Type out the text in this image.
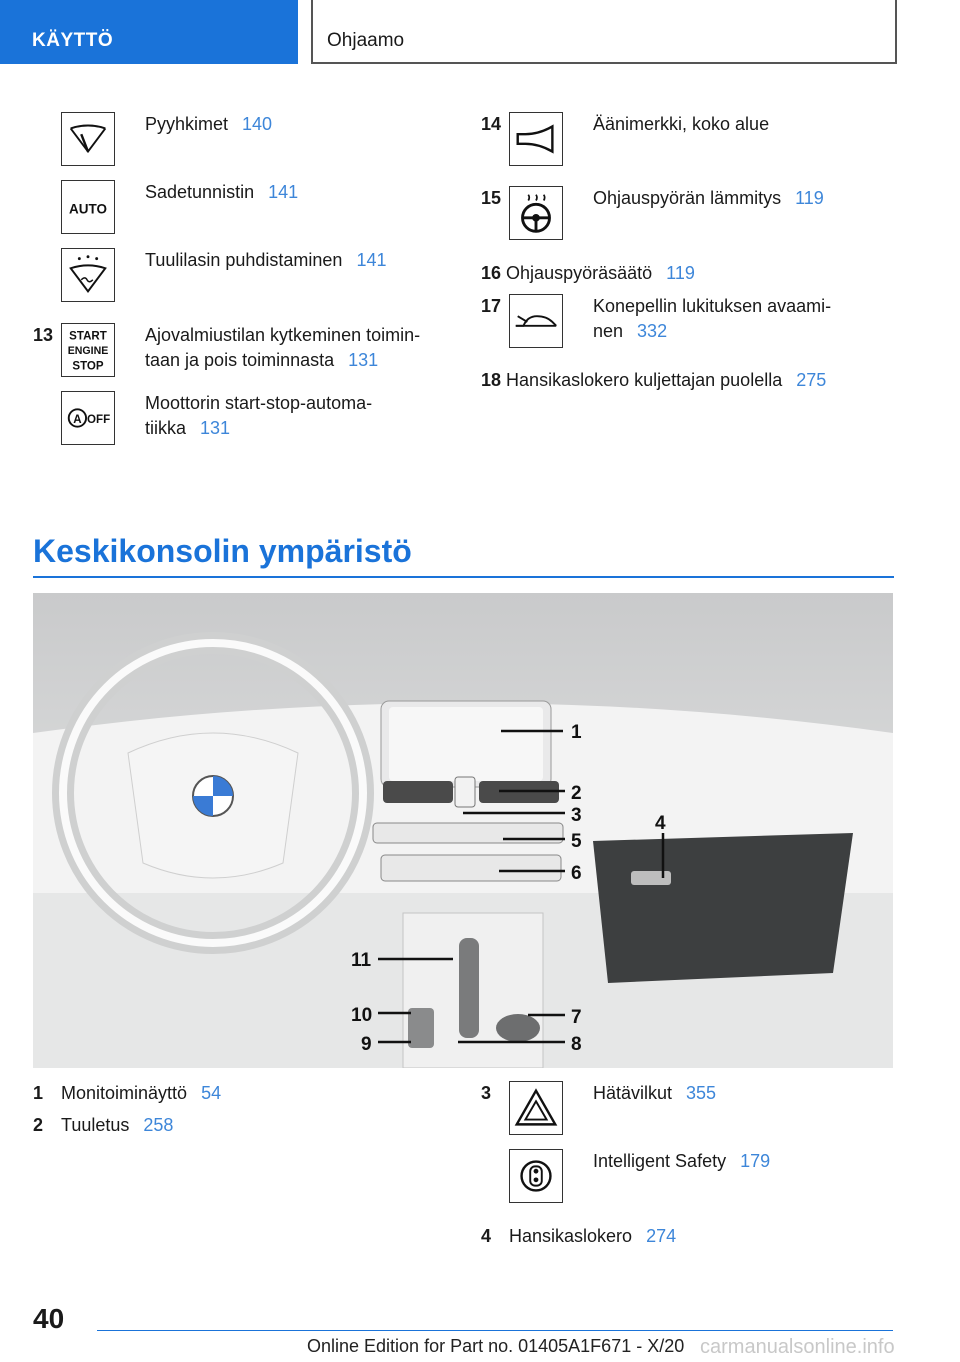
KÄYTTÖ	Ohjaamo
Pyyhkimet 140
AUTO
Sadetunnistin 141
Tuulilasin puhdistaminen 141
13 START
ENGINE
STOP
Ajovalmiustilan kytkeminen toimin-
taan ja pois toiminnasta 131
A OFF
Moottorin start-stop-automa-
tiikka 131
14	Äänimerkki, koko alue
15	Ohjauspyörän lämmitys 119
16 Ohjauspyöräsäätö 119
17	Konepellin lukituksen avaami-
nen 332
18 Hansikaslokero kuljettajan puolella 275
Keskikonsolin ympäristö
1
2
3	4
5
6
7
8
9
10
11
1 Monitoiminäyttö 54
2 Tuuletus 258
3	Hätävilkut 355
Intelligent Safety 179
4 Hansikaslokero 274
40
Online Edition for Part no. 01405A1F671 - X/20 carmanualsonline.info
